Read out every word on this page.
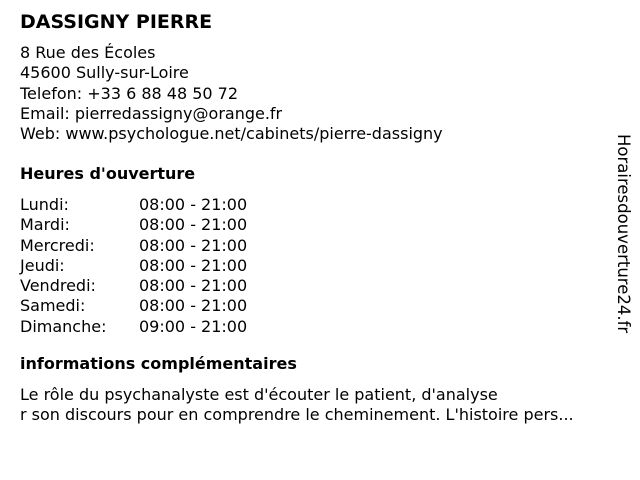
DASSIGNY PIERRE
8 Rue des Écoles
45600 Sully-sur-Loire
Telefon: +33 6 88 48 50 72
Email: pierredassigny@orange.fr
Web: www.psychologue.net/cabinets/pierre-dassigny
Heures d'ouverture
Lundi:	08:00 - 21:00
Mardi:	08:00 - 21:00
Mercredi:	08:00 - 21:00
Jeudi:	08:00 - 21:00
Vendredi:	08:00 - 21:00
Samedi:	08:00 - 21:00
Dimanche: 09:00 - 21:00
informations complémentaires
Le rôle du psychanalyste est d'écouter le patient, d'analyse
r son discours pour en comprendre le cheminement. L'histoire pers...
Horairesdouverture24.fr
